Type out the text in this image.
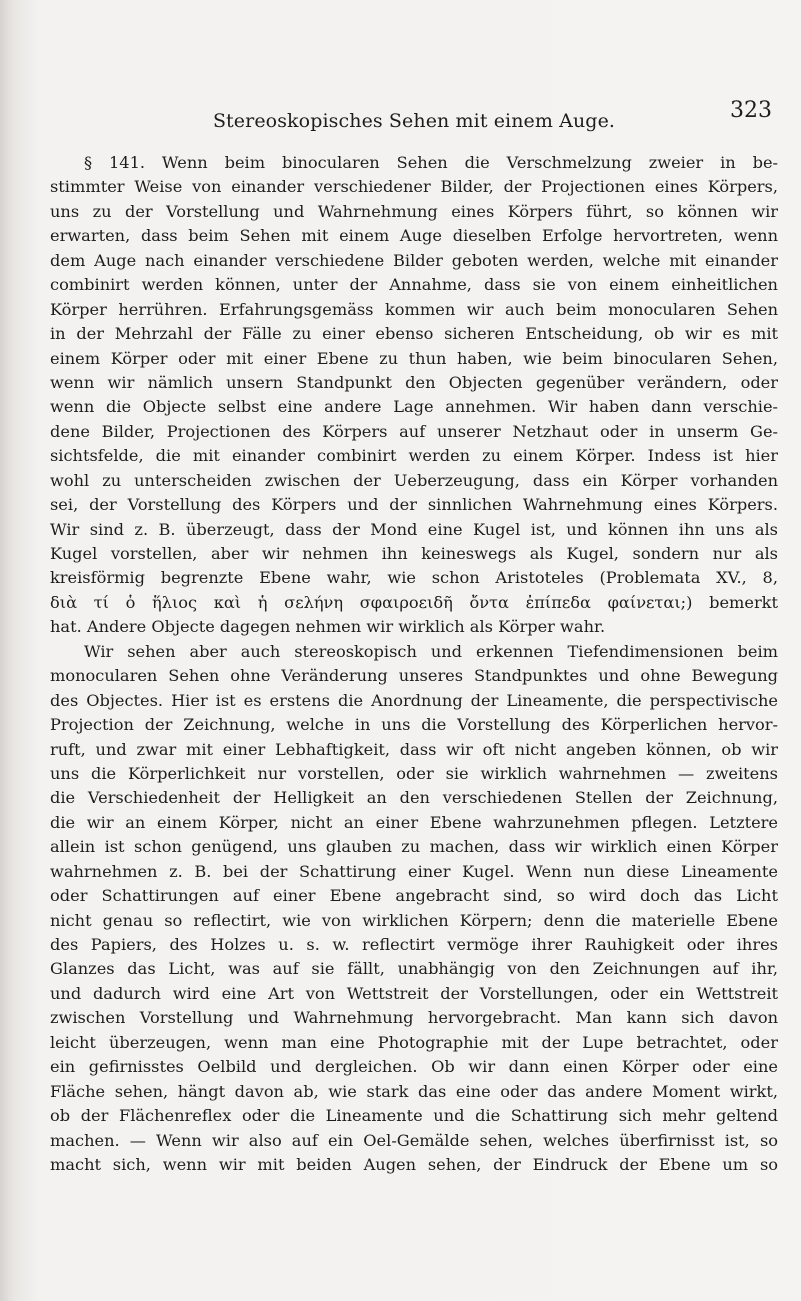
Stereoskopisches Sehen mit einem Auge.	323
§ 141. Wenn beim binocularen Sehen die Verschmelzung zweier in be-
stimmter Weise von einander verschiedener Bilder, der Projectionen eines Körpers,
uns zu der Vorstellung und Wahrnehmung eines Körpers führt, so können wir
erwarten, dass beim Sehen mit einem Auge dieselben Erfolge hervortreten, wenn
dem Auge nach einander verschiedene Bilder geboten werden, welche mit einander
combinirt werden können, unter der Annahme, dass sie von einem einheitlichen
Körper herrühren. Erfahrungsgemäss kommen wir auch beim monocularen Sehen
in der Mehrzahl der Fälle zu einer ebenso sicheren Entscheidung, ob wir es mit
einem Körper oder mit einer Ebene zu thun haben, wie beim binocularen Sehen,
wenn wir nämlich unsern Standpunkt den Objecten gegenüber verändern, oder
wenn die Objecte selbst eine andere Lage annehmen. Wir haben dann verschie-
dene Bilder, Projectionen des Körpers auf unserer Netzhaut oder in unserm Ge-
sichtsfelde, die mit einander combinirt werden zu einem Körper. Indess ist hier
wohl zu unterscheiden zwischen der Ueberzeugung, dass ein Körper vorhanden
sei, der Vorstellung des Körpers und der sinnlichen Wahrnehmung eines Körpers.
Wir sind z. B. überzeugt, dass der Mond eine Kugel ist, und können ihn uns als
Kugel vorstellen, aber wir nehmen ihn keineswegs als Kugel, sondern nur als
kreisförmig begrenzte Ebene wahr, wie schon Aristoteles (Problemata XV., 8,
διὰ τί ὁ ἥλιος καὶ ἡ σελήνη σφαιροειδῆ ὄντα ἐπίπεδα φαίνεται;) bemerkt
hat. Andere Objecte dagegen nehmen wir wirklich als Körper wahr.
Wir sehen aber auch stereoskopisch und erkennen Tiefendimensionen beim
monocularen Sehen ohne Veränderung unseres Standpunktes und ohne Bewegung
des Objectes. Hier ist es erstens die Anordnung der Lineamente, die perspectivische
Projection der Zeichnung, welche in uns die Vorstellung des Körperlichen hervor-
ruft, und zwar mit einer Lebhaftigkeit, dass wir oft nicht angeben können, ob wir
uns die Körperlichkeit nur vorstellen, oder sie wirklich wahrnehmen — zweitens
die Verschiedenheit der Helligkeit an den verschiedenen Stellen der Zeichnung,
die wir an einem Körper, nicht an einer Ebene wahrzunehmen pflegen. Letztere
allein ist schon genügend, uns glauben zu machen, dass wir wirklich einen Körper
wahrnehmen z. B. bei der Schattirung einer Kugel. Wenn nun diese Lineamente
oder Schattirungen auf einer Ebene angebracht sind, so wird doch das Licht
nicht genau so reflectirt, wie von wirklichen Körpern; denn die materielle Ebene
des Papiers, des Holzes u. s. w. reflectirt vermöge ihrer Rauhigkeit oder ihres
Glanzes das Licht, was auf sie fällt, unabhängig von den Zeichnungen auf ihr,
und dadurch wird eine Art von Wettstreit der Vorstellungen, oder ein Wettstreit
zwischen Vorstellung und Wahrnehmung hervorgebracht. Man kann sich davon
leicht überzeugen, wenn man eine Photographie mit der Lupe betrachtet, oder
ein gefirnisstes Oelbild und dergleichen. Ob wir dann einen Körper oder eine
Fläche sehen, hängt davon ab, wie stark das eine oder das andere Moment wirkt,
ob der Flächenreflex oder die Lineamente und die Schattirung sich mehr geltend
machen. — Wenn wir also auf ein Oel-Gemälde sehen, welches überfirnisst ist, so
macht sich, wenn wir mit beiden Augen sehen, der Eindruck der Ebene um so
